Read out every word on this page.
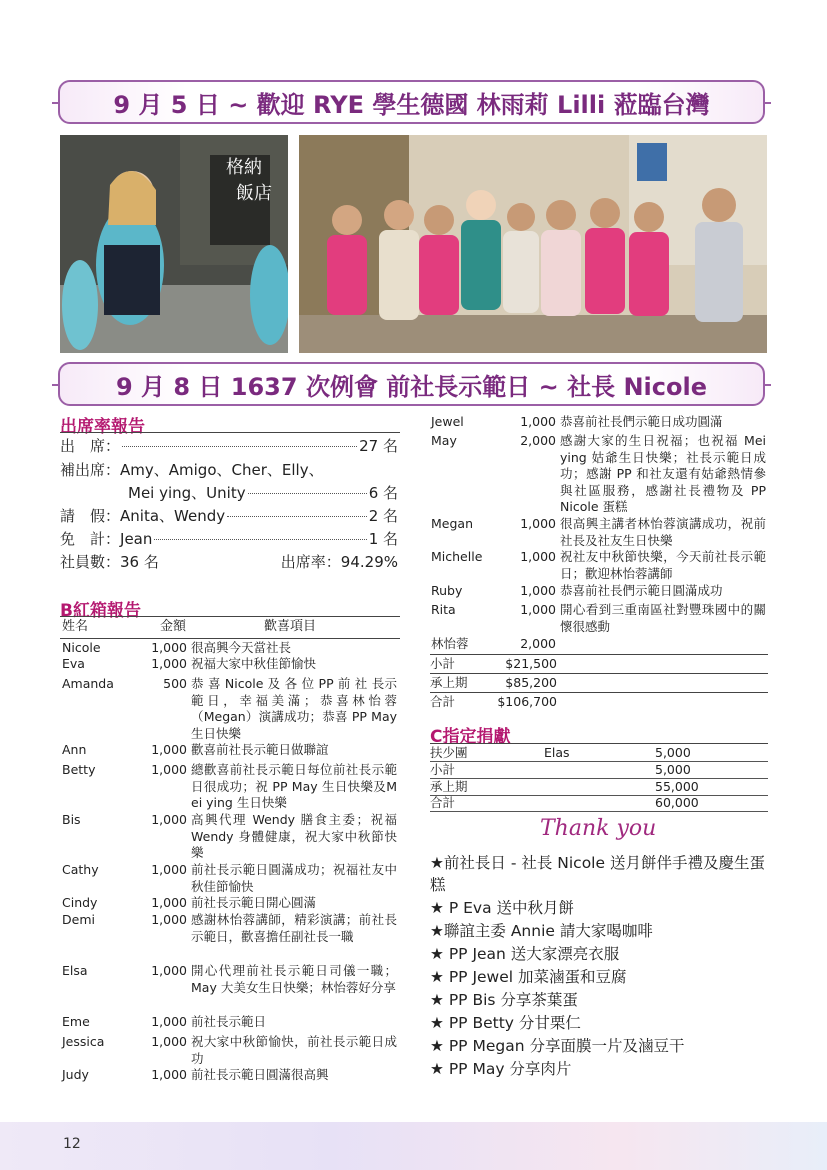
9 月 5 日 ~ 歡迎 RYE 學生德國 林雨莉 Lilli 蒞臨台灣
格納
飯店
9 月 8 日 1637 次例會 前社長示範日 ~ 社長 Nicole
出席率報告
出　席：	27 名
補出席： Amy、Amigo、Cher、Elly、
Mei ying、Unity	6 名
請　假： Anita、Wendy	2 名
免　計： Jean	1 名
社員數：36 名	出席率：94.29%
B紅箱報告
姓名	金額	歡喜項目
Nicole	1,000 很高興今天當社長
Eva	1,000 祝福大家中秋佳節愉快
Amanda	500 恭 喜 Nicole 及 各 位 PP 前 社 長示範日，幸福美滿；恭喜林怡蓉（Megan）演講成功；恭喜 PP May 生日快樂
Ann	1,000 歡喜前社長示範日做聯誼
Betty	1,000 總歡喜前社長示範日每位前社長示範日很成功；祝 PP May 生日快樂及M ei ying 生日快樂
Bis	1,000 高興代理 Wendy 膳食主委；祝福 Wendy 身體健康，祝大家中秋節快樂
Cathy	1,000 前社長示範日圓滿成功；祝福社友中秋佳節愉快
Cindy	1,000 前社長示範日開心圓滿
Demi	1,000 感謝林怡蓉講師，精彩演講；前社長示範日，歡喜擔任副社長一職
Elsa	1,000 開心代理前社長示範日司儀一職；May 大美女生日快樂；林怡蓉好分享
Eme	1,000 前社長示範日
Jessica	1,000 祝大家中秋節愉快，前社長示範日成功
Judy	1,000 前社長示範日圓滿很高興
Jewel	1,000 恭喜前社長們示範日成功圓滿
May	2,000 感謝大家的生日祝福；也祝福 Mei ying 姑爺生日快樂；社長示範日成功；感謝 PP 和社友還有姑爺熱情參與社區服務，感謝社長禮物及 PP Nicole 蛋糕
Megan	1,000 很高興主講者林怡蓉演講成功，祝前社長及社友生日快樂
Michelle	1,000 祝社友中秋節快樂，今天前社長示範日；歡迎林怡蓉講師
Ruby	1,000 恭喜前社長們示範日圓滿成功
Rita	1,000 開心看到三重南區社對豐珠國中的關懷很感動
林怡蓉	2,000
小計	$21,500
承上期	$85,200
合計	$106,700
C指定捐獻
扶少團	Elas	5,000
小計	5,000
承上期	55,000
合計	60,000
Thank you
★前社長日 - 社長 Nicole 送月餅伴手禮及慶生蛋糕
★ P Eva 送中秋月餅
★聯誼主委 Annie 請大家喝咖啡
★ PP Jean 送大家漂亮衣服
★ PP Jewel 加菜滷蛋和豆腐
★ PP Bis 分享茶葉蛋
★ PP Betty 分甘栗仁
★ PP Megan 分享面膜一片及滷豆干
★ PP May 分享肉片
12
